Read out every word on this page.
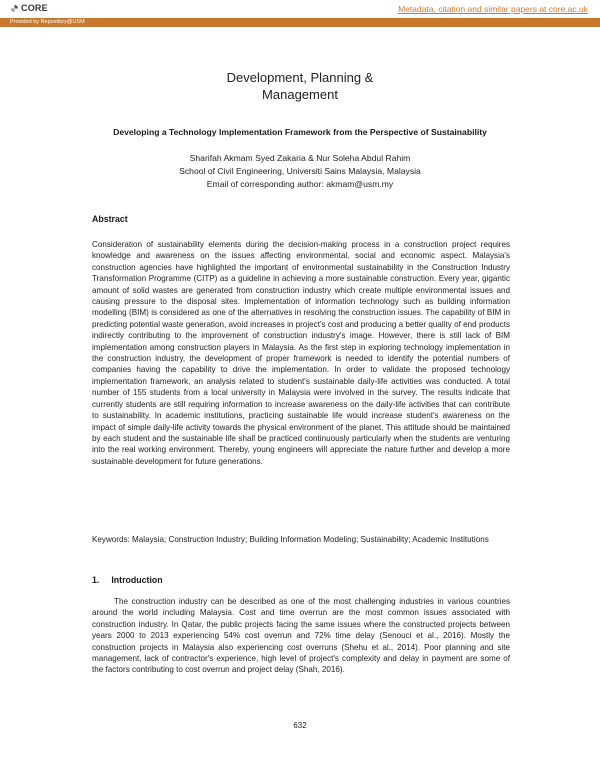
CORE	Metadata, citation and similar papers at core.ac.uk
Provided by Repository@USM
Development, Planning &
Management
Developing a Technology Implementation Framework from the Perspective of Sustainability
Sharifah Akmam Syed Zakaria & Nur Soleha Abdul Rahim
School of Civil Engineering, Universiti Sains Malaysia, Malaysia
Email of corresponding author: akmam@usm.my
Abstract
Consideration of sustainability elements during the decision-making process in a construction project requires knowledge and awareness on the issues affecting environmental, social and economic aspect. Malaysia's construction agencies have highlighted the important of environmental sustainability in the Construction Industry Transformation Programme (CITP) as a guideline in achieving a more sustainable construction. Every year, gigantic amount of solid wastes are generated from construction industry which create multiple environmental issues and causing pressure to the disposal sites. Implementation of information technology such as building information modelling (BIM) is considered as one of the alternatives in resolving the construction issues. The capability of BIM in predicting potential waste generation, avoid increases in project's cost and producing a better quality of end products indirectly contributing to the improvement of construction industry's image. However, there is still lack of BIM implementation among construction players in Malaysia. As the first step in exploring technology implementation in the construction industry, the development of proper framework is needed to identify the potential numbers of companies having the capability to drive the implementation. In order to validate the proposed technology implementation framework, an analysis related to student's sustainable daily-life activities was conducted. A total number of 155 students from a local university in Malaysia were involved in the survey. The results indicate that currently students are still requiring information to increase awareness on the daily-life activities that can contribute to sustainability. In academic institutions, practicing sustainable life would increase student's awareness on the impact of simple daily-life activity towards the physical environment of the planet. This attitude should be maintained by each student and the sustainable life shall be practiced continuously particularly when the students are venturing into the real working environment. Thereby, young engineers will appreciate the nature further and develop a more sustainable development for future generations.
Keywords: Malaysia; Construction Industry; Building Information Modeling; Sustainability; Academic Institutions
1. Introduction
The construction industry can be described as one of the most challenging industries in various countries around the world including Malaysia. Cost and time overrun are the most common issues associated with construction industry. In Qatar, the public projects facing the same issues where the constructed projects between years 2000 to 2013 experiencing 54% cost overrun and 72% time delay (Senouci et al., 2016). Mostly the construction projects in Malaysia also experiencing cost overruns (Shehu et al., 2014). Poor planning and site management, lack of contractor's experience, high level of project's complexity and delay in payment are some of the factors contributing to cost overrun and project delay (Shah, 2016).
632
